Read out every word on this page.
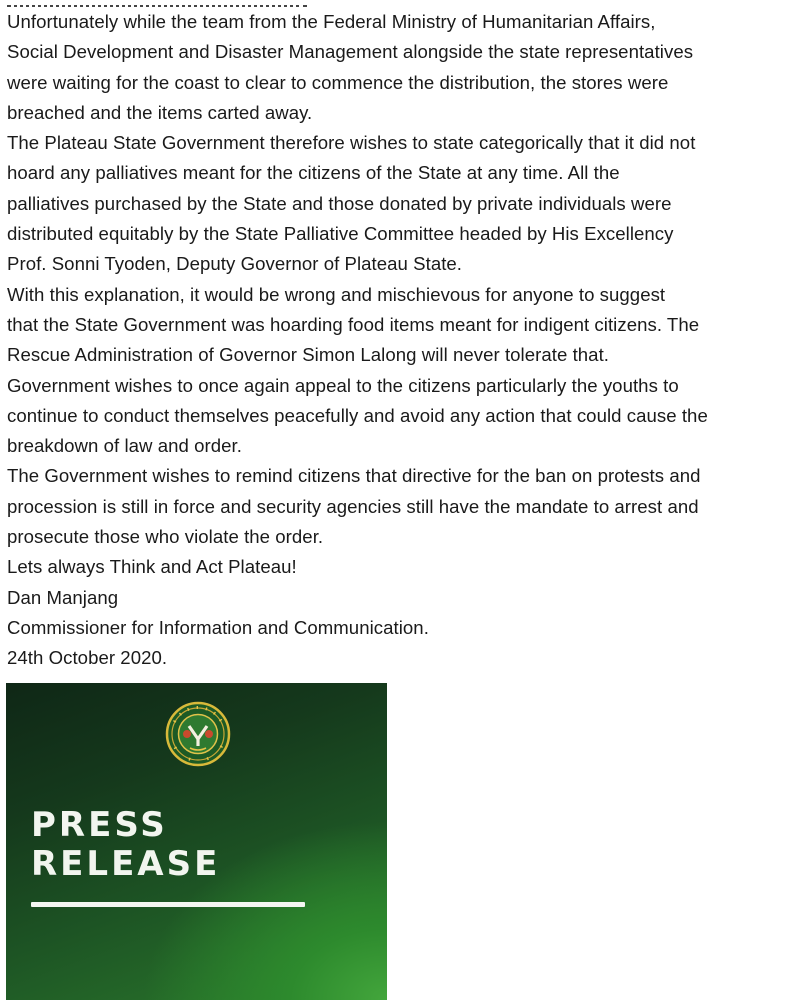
Unfortunately while the team from the Federal Ministry of Humanitarian Affairs,
Social Development and Disaster Management alongside the state representatives
were waiting for the coast to clear to commence the distribution, the stores were
breached and the items carted away.
The Plateau State Government therefore wishes to state categorically that it did not
hoard any palliatives meant for the citizens of the State at any time. All the
palliatives purchased by the State and those donated by private individuals were
distributed equitably by the State Palliative Committee headed by His Excellency
Prof. Sonni Tyoden, Deputy Governor of Plateau State.
With this explanation, it would be wrong and mischievous for anyone to suggest
that the State Government was hoarding food items meant for indigent citizens. The
Rescue Administration of Governor Simon Lalong will never tolerate that.
Government wishes to once again appeal to the citizens particularly the youths to
continue to conduct themselves peacefully and avoid any action that could cause the
breakdown of law and order.
The Government wishes to remind citizens that directive for the ban on protests and
procession is still in force and security agencies still have the mandate to arrest and
prosecute those who violate the order.
Lets always Think and Act Plateau!
Dan Manjang
Commissioner for Information and Communication.
24th October 2020.
PRESS
RELEASE
